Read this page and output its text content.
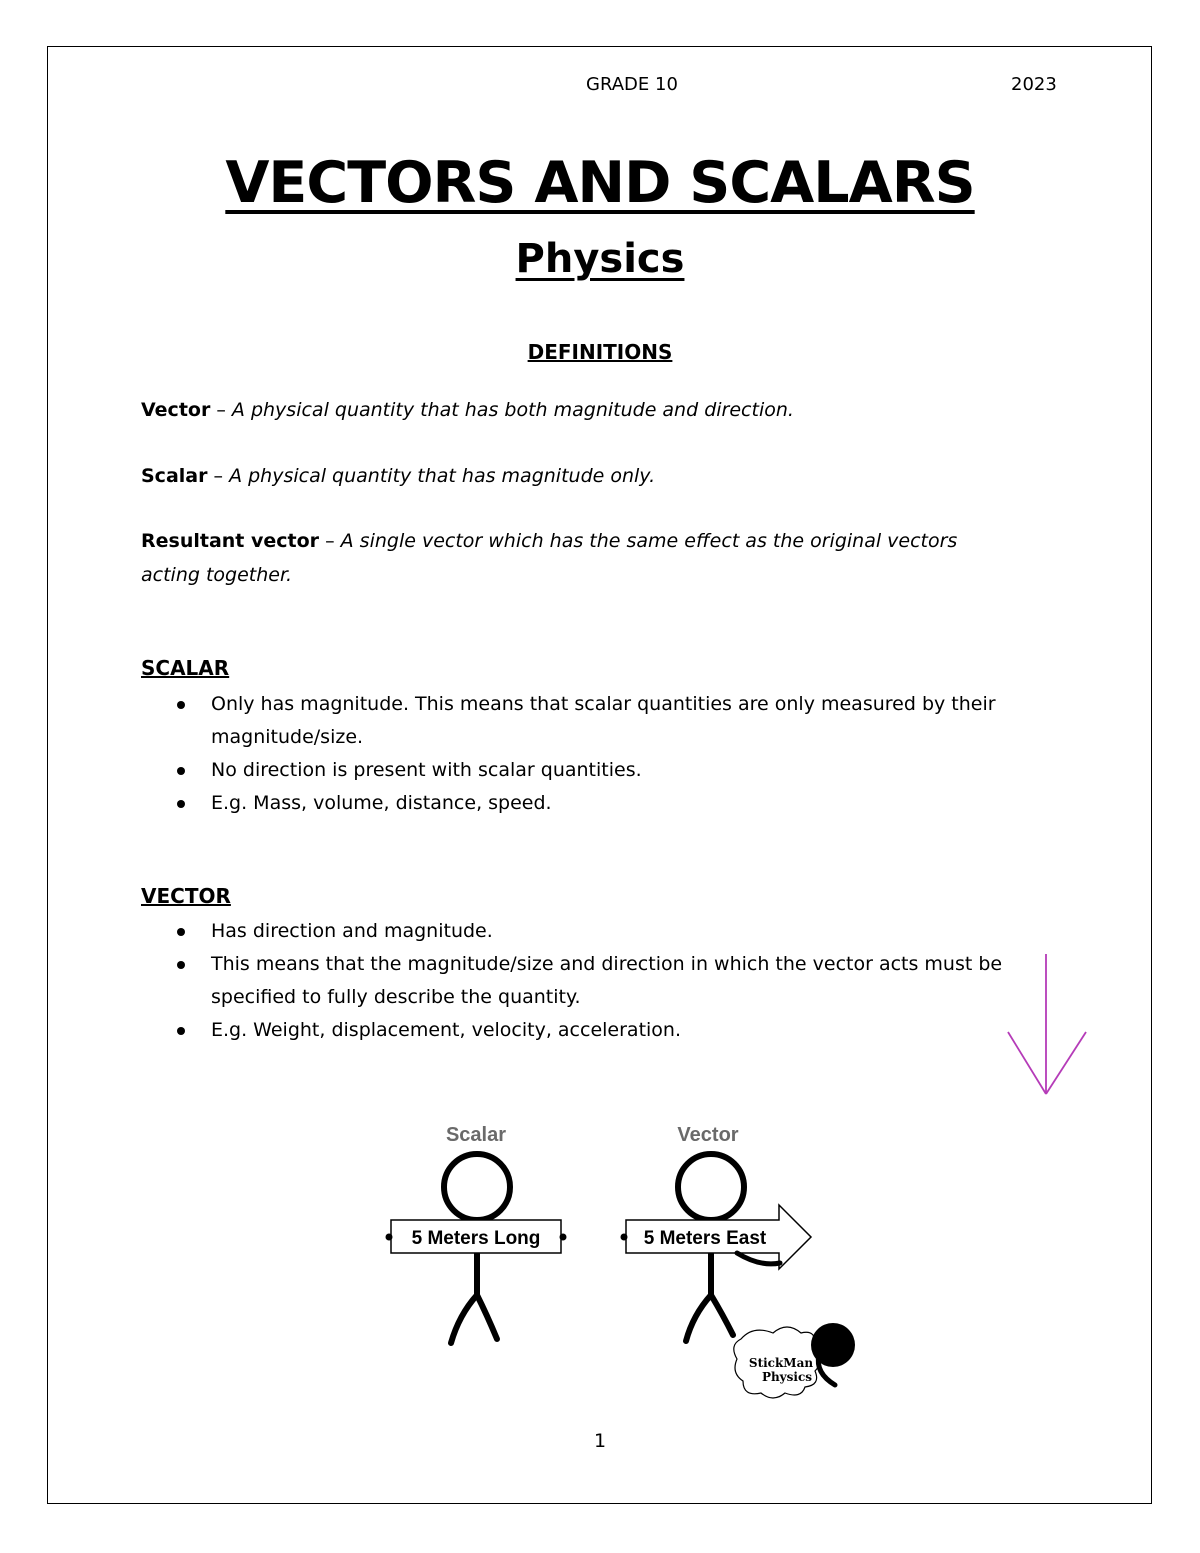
GRADE 10	2023
VECTORS AND SCALARS
Physics
DEFINITIONS
Vector – A physical quantity that has both magnitude and direction.
Scalar – A physical quantity that has magnitude only.
Resultant vector – A single vector which has the same effect as the original vectors acting together.
SCALAR
Only has magnitude. This means that scalar quantities are only measured by their magnitude/size.
No direction is present with scalar quantities.
E.g. Mass, volume, distance, speed.
VECTOR
Has direction and magnitude.
This means that the magnitude/size and direction in which the vector acts must be specified to fully describe the quantity.
E.g. Weight, displacement, velocity, acceleration.
Scalar
5 Meters Long
Vector
5 Meters East
StickMan
Physics
1
